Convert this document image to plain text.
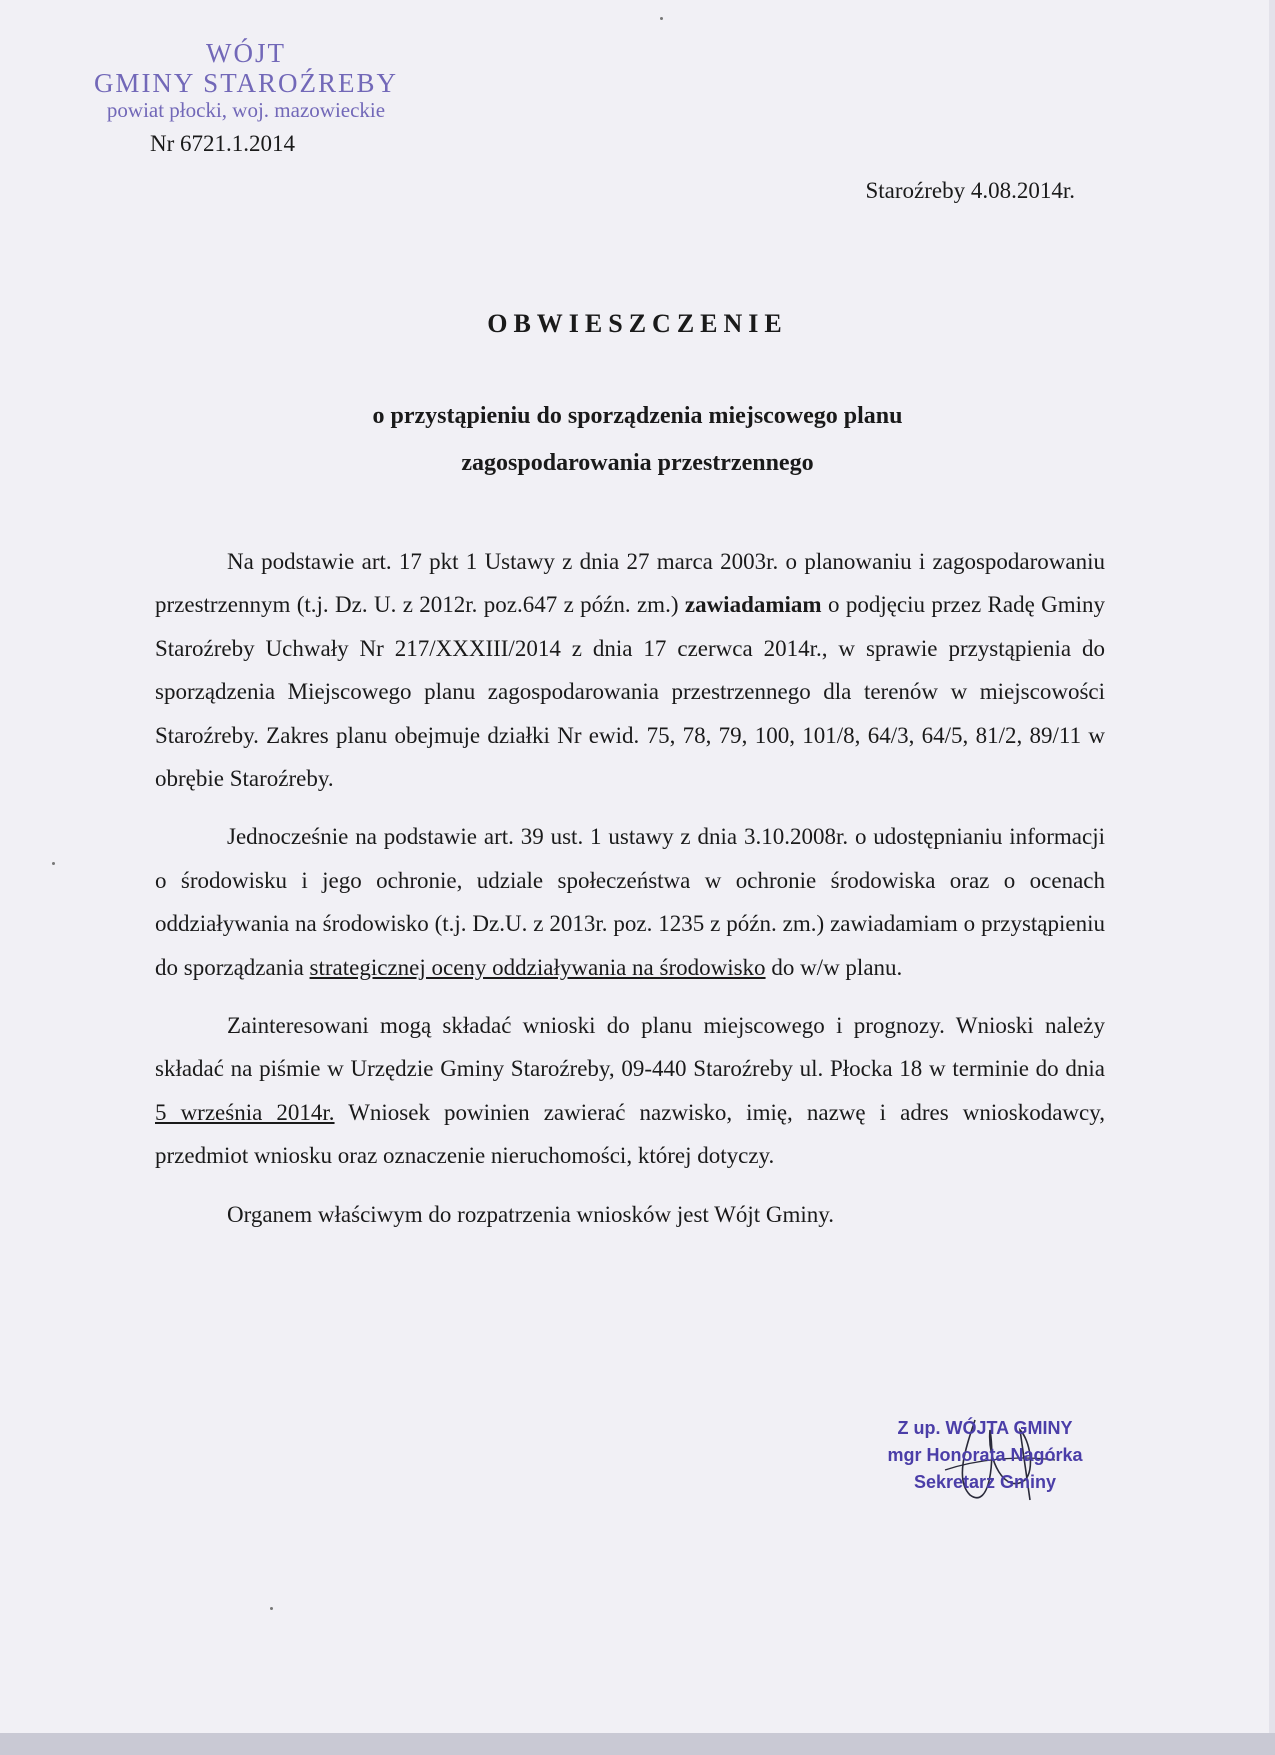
WÓJT
GMINY STAROŹREBY
powiat płocki, woj. mazowieckie
Nr 6721.1.2014
Staroźreby 4.08.2014r.
OBWIESZCZENIE
o przystąpieniu do sporządzenia miejscowego planu
zagospodarowania przestrzennego

Na podstawie art. 17 pkt 1 Ustawy z dnia 27 marca 2003r. o planowaniu i zagospodarowaniu przestrzennym (t.j. Dz. U. z 2012r. poz.647 z późn. zm.) zawiadamiam o podjęciu przez Radę Gminy Staroźreby Uchwały Nr 217/XXXIII/2014 z dnia 17 czerwca 2014r., w sprawie przystąpienia do sporządzenia Miejscowego planu zagospodarowania przestrzennego dla terenów w miejscowości Staroźreby. Zakres planu obejmuje działki Nr ewid. 75, 78, 79, 100, 101/8, 64/3, 64/5, 81/2, 89/11 w obrębie Staroźreby.

Jednocześnie na podstawie art. 39 ust. 1 ustawy z dnia 3.10.2008r. o udostępnianiu informacji o środowisku i jego ochronie, udziale społeczeństwa w ochronie środowiska oraz o ocenach oddziaływania na środowisko (t.j. Dz.U. z 2013r. poz. 1235 z późn. zm.) zawiadamiam o przystąpieniu do sporządzania strategicznej oceny oddziaływania na środowisko do w/w planu.

Zainteresowani mogą składać wnioski do planu miejscowego i prognozy. Wnioski należy składać na piśmie w Urzędzie Gminy Staroźreby, 09-440 Staroźreby ul. Płocka 18 w terminie do dnia 5 września 2014r. Wniosek powinien zawierać nazwisko, imię, nazwę i adres wnioskodawcy, przedmiot wniosku oraz oznaczenie nieruchomości, której dotyczy.

Organem właściwym do rozpatrzenia wniosków jest Wójt Gminy.

Z up. WÓJTA GMINY
mgr Honorata Nagórka
Sekretarz Gminy
